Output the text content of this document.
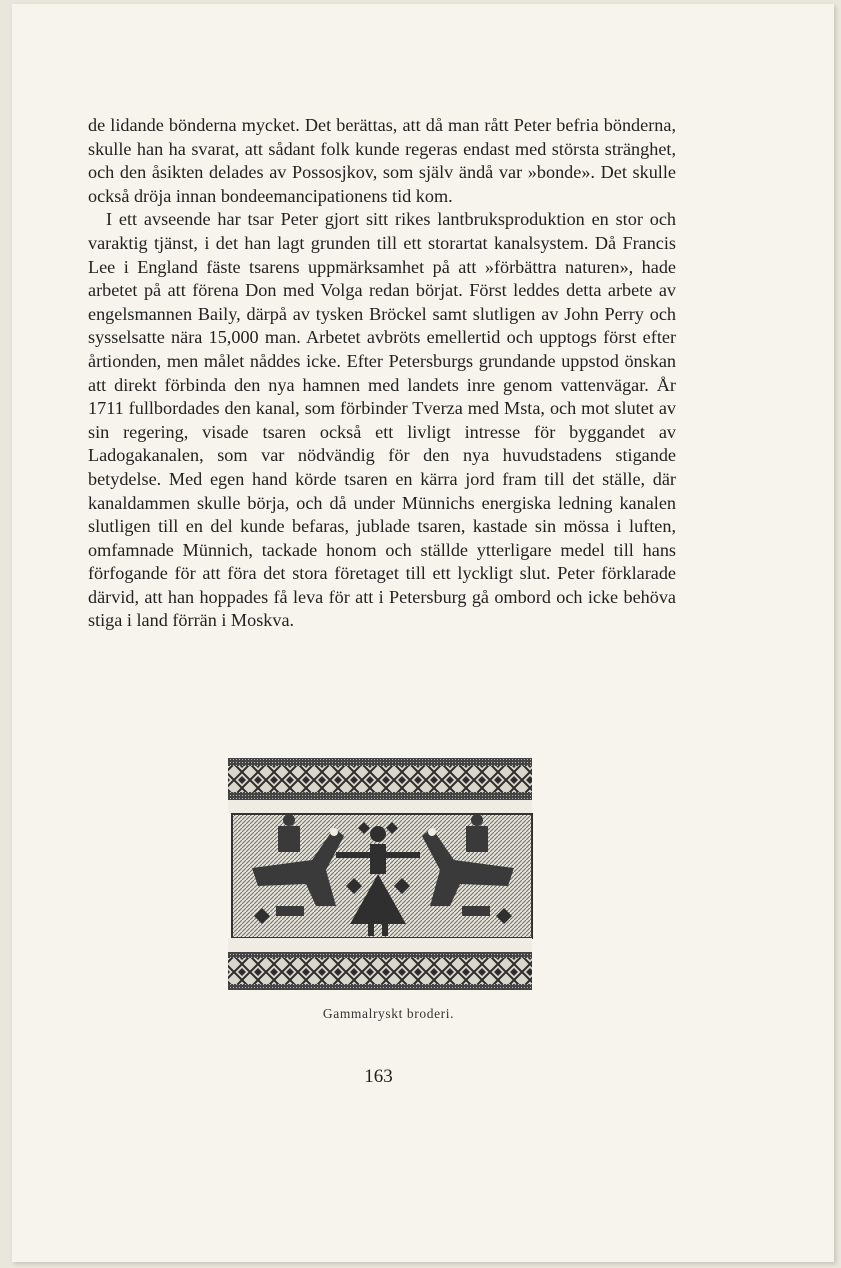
de lidande bönderna mycket. Det berättas, att då man rått Peter befria bönderna, skulle han ha svarat, att sådant folk kunde regeras endast med största stränghet, och den åsikten delades av Possosjkov, som själv ändå var »bonde». Det skulle också dröja innan bondeemancipationens tid kom.

I ett avseende har tsar Peter gjort sitt rikes lantbruksproduktion en stor och varaktig tjänst, i det han lagt grunden till ett storartat kanalsystem. Då Francis Lee i England fäste tsarens uppmärksamhet på att »förbättra naturen», hade arbetet på att förena Don med Volga redan börjat. Först leddes detta arbete av engelsmannen Baily, därpå av tysken Bröckel samt slutligen av John Perry och sysselsatte nära 15,000 man. Arbetet avbröts emellertid och upptogs först efter årtionden, men målet nåddes icke. Efter Petersburgs grundande uppstod önskan att direkt förbinda den nya hamnen med landets inre genom vattenvägar. År 1711 fullbordades den kanal, som förbinder Tverza med Msta, och mot slutet av sin regering, visade tsaren också ett livligt intresse för byggandet av Ladogakanalen, som var nödvändig för den nya huvudstadens stigande betydelse. Med egen hand körde tsaren en kärra jord fram till det ställe, där kanaldammen skulle börja, och då under Münnichs energiska ledning kanalen slutligen till en del kunde befaras, jublade tsaren, kastade sin mössa i luften, omfamnade Münnich, tackade honom och ställde ytterligare medel till hans förfogande för att föra det stora företaget till ett lyckligt slut. Peter förklarade därvid, att han hoppades få leva för att i Petersburg gå ombord och icke behöva stiga i land förrän i Moskva.

Gammalryskt broderi.
163
